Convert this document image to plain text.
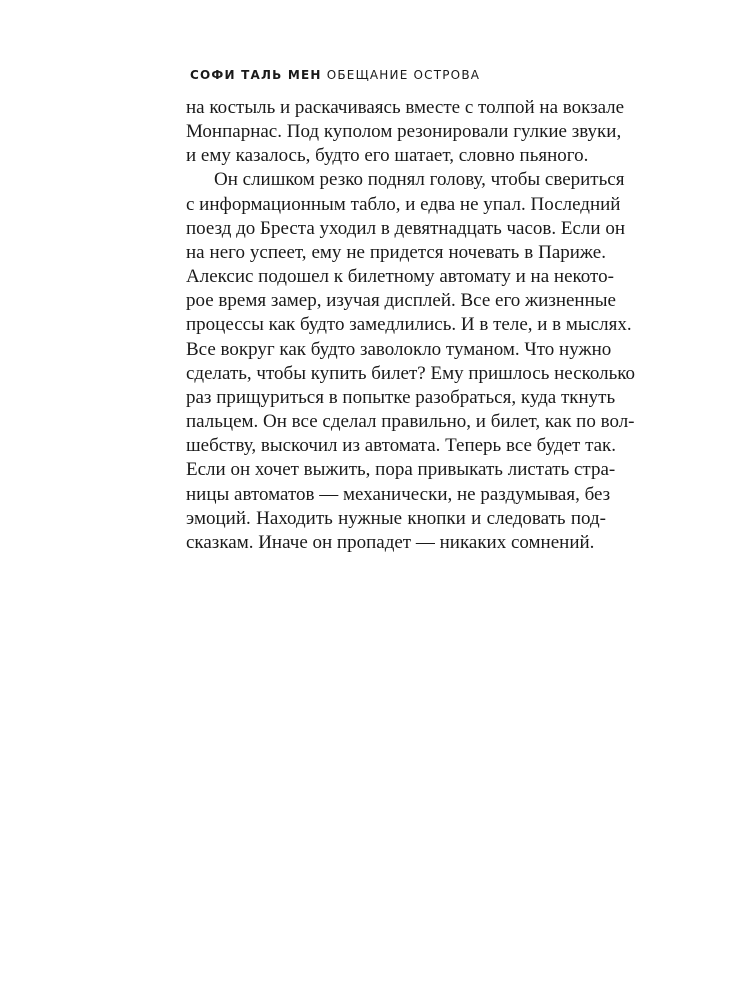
СОФИ ТАЛЬ МЕН ОБЕЩАНИЕ ОСТРОВА
на костыль и раскачиваясь вместе с толпой на вокзале
Монпарнас. Под куполом резонировали гулкие звуки,
и ему казалось, будто его шатает, словно пьяного.
Он слишком резко поднял голову, чтобы свериться
с информационным табло, и едва не упал. Последний
поезд до Бреста уходил в девятнадцать часов. Если он
на него успеет, ему не придется ночевать в Париже.
Алексис подошел к билетному автомату и на некото-
рое время замер, изучая дисплей. Все его жизненные
процессы как будто замедлились. И в теле, и в мыслях.
Все вокруг как будто заволокло туманом. Что нужно
сделать, чтобы купить билет? Ему пришлось несколько
раз прищуриться в попытке разобраться, куда ткнуть
пальцем. Он все сделал правильно, и билет, как по вол-
шебству, выскочил из автомата. Теперь все будет так.
Если он хочет выжить, пора привыкать листать стра-
ницы автоматов — механически, не раздумывая, без
эмоций. Находить нужные кнопки и следовать под-
сказкам. Иначе он пропадет — никаких сомнений.
